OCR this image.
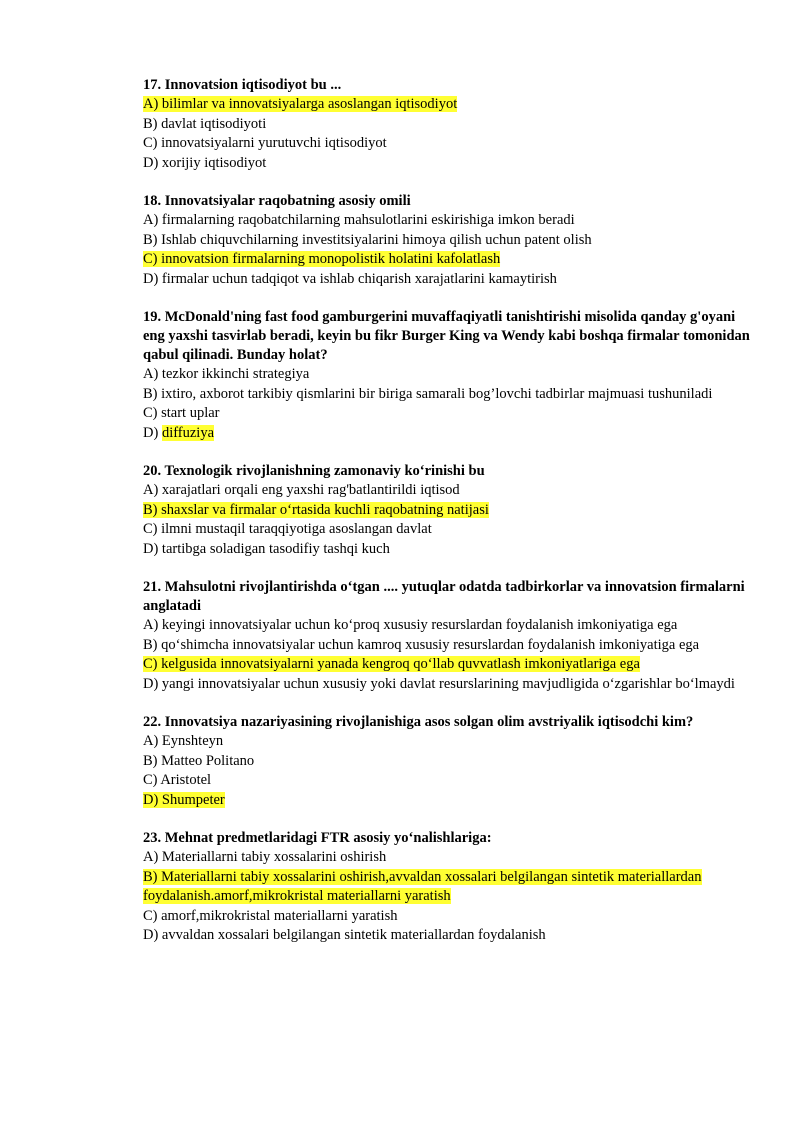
17. Innovatsion iqtisodiyot bu ...
A) bilimlar va innovatsiyalarga asoslangan iqtisodiyot
B) davlat iqtisodiyoti
C) innovatsiyalarni yurutuvchi iqtisodiyot
D) xorijiy iqtisodiyot
18. Innovatsiyalar raqobatning asosiy omili
A) firmalarning raqobatchilarning mahsulotlarini eskirishiga imkon beradi
B) Ishlab chiquvchilarning investitsiyalarini himoya qilish uchun patent olish
C) innovatsion firmalarning monopolistik holatini kafolatlash
D) firmalar uchun tadqiqot va ishlab chiqarish xarajatlarini kamaytirish
19. McDonald'ning fast food gamburgerini muvaffaqiyatli tanishtirishi misolida qanday g'oyani eng yaxshi tasvirlab beradi, keyin bu fikr Burger King va Wendy kabi boshqa firmalar tomonidan qabul qilinadi. Bunday holat?
A) tezkor ikkinchi strategiya
B) ixtiro, axborot tarkibiy qismlarini bir biriga samarali bog’lovchi tadbirlar majmuasi tushuniladi
C) start uplar
D) diffuziya
20. Texnologik rivojlanishning zamonaviy ko‘rinishi bu
A) xarajatlari orqali eng yaxshi rag'batlantirildi iqtisod
B) shaxslar va firmalar o‘rtasida kuchli raqobatning natijasi
C) ilmni mustaqil taraqqiyotiga asoslangan davlat
D) tartibga soladigan tasodifiy tashqi kuch
21. Mahsulotni rivojlantirishda o‘tgan .... yutuqlar odatda tadbirkorlar va innovatsion firmalarni anglatadi
A) keyingi innovatsiyalar uchun ko‘proq xususiy resurslardan foydalanish imkoniyatiga ega
B) qo‘shimcha innovatsiyalar uchun kamroq xususiy resurslardan foydalanish imkoniyatiga ega
C) kelgusida innovatsiyalarni yanada kengroq qo‘llab quvvatlash imkoniyatlariga ega
D) yangi innovatsiyalar uchun xususiy yoki davlat resurslarining mavjudligida o‘zgarishlar bo‘lmaydi
22. Innovatsiya nazariyasining rivojlanishiga asos solgan olim avstriyalik iqtisodchi kim?
A) Eynshteyn
B) Matteo Politano
C) Aristotel
D) Shumpeter
23. Mehnat predmetlaridagi FTR asosiy yo‘nalishlariga:
A) Materiallarni tabiy xossalarini oshirish
B) Materiallarni tabiy xossalarini oshirish,avvaldan xossalari belgilangan sintetik materiallardan foydalanish.amorf,mikrokristal materiallarni yaratish
C) amorf,mikrokristal materiallarni yaratish
D) avvaldan xossalari belgilangan sintetik materiallardan foydalanish
